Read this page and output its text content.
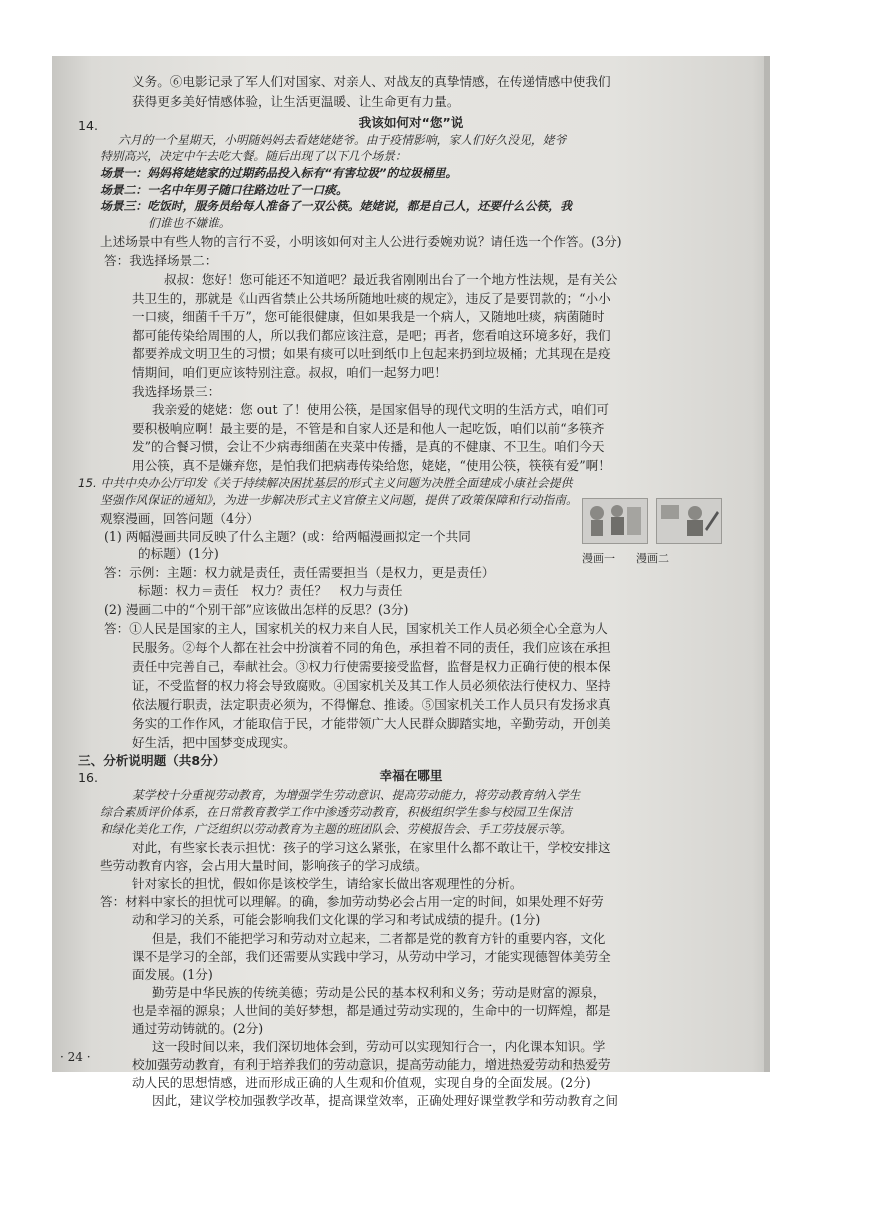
义务。⑥电影记录了军人们对国家、对亲人、对战友的真挚情感，在传递情感中使我们
获得更多美好情感体验，让生活更温暖、让生命更有力量。
14.	我该如何对“您”说
六月的一个星期天，小明随妈妈去看姥姥姥爷。由于疫情影响，家人们好久没见，姥爷
特别高兴，决定中午去吃大餐。随后出现了以下几个场景：
场景一：妈妈将姥姥家的过期药品投入标有“有害垃圾”的垃圾桶里。
场景二：一名中年男子随口往路边吐了一口痰。
场景三：吃饭时，服务员给每人准备了一双公筷。姥姥说，都是自己人，还要什么公筷，我
们谁也不嫌谁。
上述场景中有些人物的言行不妥，小明该如何对主人公进行委婉劝说？请任选一个作答。(3分)
答：我选择场景二：
叔叔：您好！您可能还不知道吧？最近我省刚刚出台了一个地方性法规，是有关公
共卫生的，那就是《山西省禁止公共场所随地吐痰的规定》，违反了是要罚款的；“小小
一口痰，细菌千千万”，您可能很健康，但如果我是一个病人，又随地吐痰，病菌随时
都可能传染给周围的人，所以我们都应该注意，是吧；再者，您看咱这环境多好，我们
都要养成文明卫生的习惯；如果有痰可以吐到纸巾上包起来扔到垃圾桶；尤其现在是疫
情期间，咱们更应该特别注意。叔叔，咱们一起努力吧！
我选择场景三：
我亲爱的姥姥：您 out 了！使用公筷，是国家倡导的现代文明的生活方式，咱们可
要积极响应啊！最主要的是，不管是和自家人还是和他人一起吃饭，咱们以前“多筷齐
发”的合餐习惯，会让不少病毒细菌在夹菜中传播，是真的不健康、不卫生。咱们今天
用公筷，真不是嫌弃您，是怕我们把病毒传染给您，姥姥，“使用公筷，筷筷有爱”啊！
15. 中共中央办公厅印发《关于持续解决困扰基层的形式主义问题为决胜全面建成小康社会提供
坚强作风保证的通知》，为进一步解决形式主义官僚主义问题，提供了政策保障和行动指南。
观察漫画，回答问题（4分）
(1) 两幅漫画共同反映了什么主题？(或：给两幅漫画拟定一个共同
的标题）(1分)
答：示例：主题：权力就是责任，责任需要担当（是权力，更是责任）
标题：权力＝责任　权力？责任？　权力与责任
(2) 漫画二中的“个别干部”应该做出怎样的反思？(3分)
答：①人民是国家的主人，国家机关的权力来自人民，国家机关工作人员必须全心全意为人
民服务。②每个人都在社会中扮演着不同的角色，承担着不同的责任，我们应该在承担
责任中完善自己，奉献社会。③权力行使需要接受监督，监督是权力正确行使的根本保
证，不受监督的权力将会导致腐败。④国家机关及其工作人员必须依法行使权力、坚持
依法履行职责，法定职责必须为，不得懈怠、推诿。⑤国家机关工作人员只有发扬求真
务实的工作作风，才能取信于民，才能带领广大人民群众脚踏实地，辛勤劳动，开创美
好生活，把中国梦变成现实。
三、分析说明题（共8分）
16.	幸福在哪里
某学校十分重视劳动教育，为增强学生劳动意识、提高劳动能力，将劳动教育纳入学生
综合素质评价体系，在日常教育教学工作中渗透劳动教育，积极组织学生参与校园卫生保洁
和绿化美化工作，广泛组织以劳动教育为主题的班团队会、劳模报告会、手工劳技展示等。
对此，有些家长表示担忧：孩子的学习这么紧张，在家里什么都不敢让干，学校安排这
些劳动教育内容，会占用大量时间，影响孩子的学习成绩。
针对家长的担忧，假如你是该校学生，请给家长做出客观理性的分析。
答：材料中家长的担忧可以理解。的确，参加劳动势必会占用一定的时间，如果处理不好劳
动和学习的关系，可能会影响我们文化课的学习和考试成绩的提升。(1分)
但是，我们不能把学习和劳动对立起来，二者都是党的教育方针的重要内容，文化
课不是学习的全部，我们还需要从实践中学习，从劳动中学习，才能实现德智体美劳全
面发展。(1分)
勤劳是中华民族的传统美德；劳动是公民的基本权利和义务；劳动是财富的源泉，
也是幸福的源泉；人世间的美好梦想，都是通过劳动实现的，生命中的一切辉煌，都是
通过劳动铸就的。(2分)
这一段时间以来，我们深切地体会到，劳动可以实现知行合一，内化课本知识。学
校加强劳动教育，有利于培养我们的劳动意识，提高劳动能力，增进热爱劳动和热爱劳
动人民的思想情感，进而形成正确的人生观和价值观，实现自身的全面发展。(2分)
因此，建议学校加强教学改革，提高课堂效率，正确处理好课堂教学和劳动教育之间
漫画一 漫画二
· 24 ·
